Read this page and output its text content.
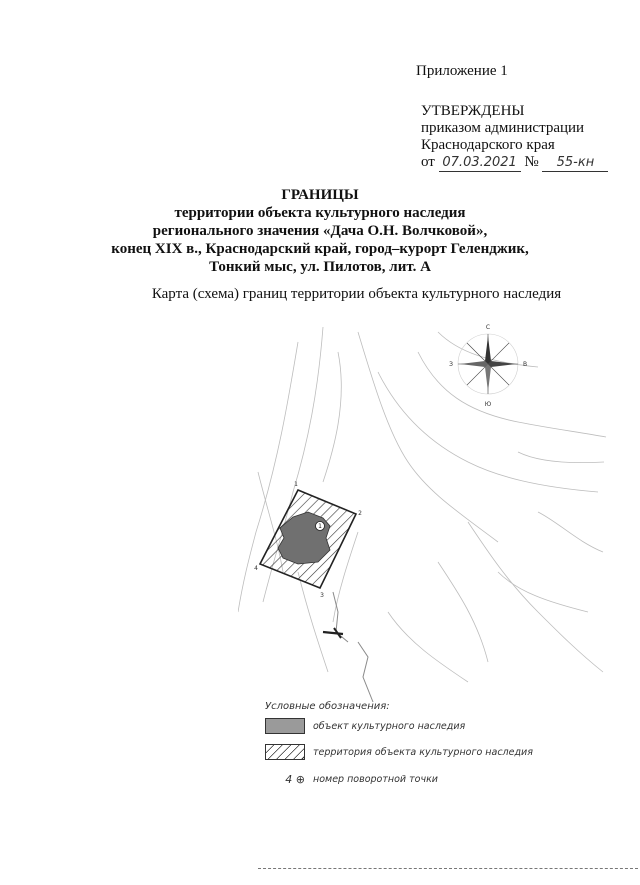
Приложение 1
УТВЕРЖДЕНЫ
приказом администрации
Краснодарского края
от 07.03.2021 № 55-кн
ГРАНИЦЫ
территории объекта культурного наследия
регионального значения «Дача О.Н. Волчковой»,
конец XIX в., Краснодарский край, город–курорт Геленджик,
Тонкий мыс, ул. Пилотов, лит. А
Карта (схема) границ территории объекта культурного наследия
С
Ю
З	В
1
1
2
3
4
Условные обозначения:
объект культурного наследия
территория объекта культурного наследия
4 ⊕ номер поворотной точки
